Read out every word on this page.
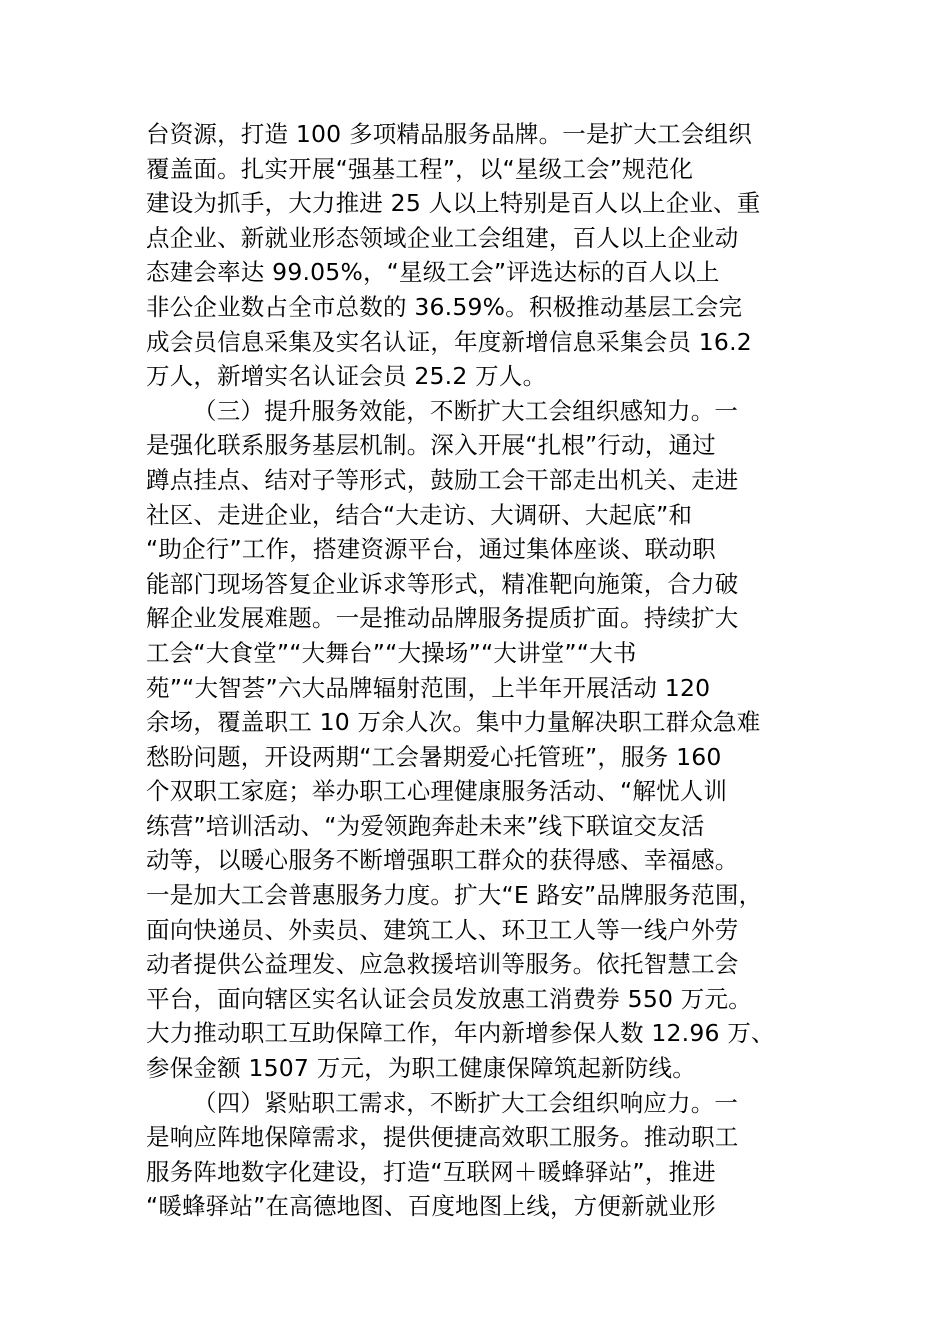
台资源，打造 100 多项精品服务品牌。一是扩大工会组织
覆盖面。扎实开展“强基工程”，以“星级工会”规范化
建设为抓手，大力推进 25 人以上特别是百人以上企业、重
点企业、新就业形态领域企业工会组建，百人以上企业动
态建会率达 99.05%，“星级工会”评选达标的百人以上
非公企业数占全市总数的 36.59%。积极推动基层工会完
成会员信息采集及实名认证，年度新增信息采集会员 16.2
万人，新增实名认证会员 25.2 万人。
（三）提升服务效能，不断扩大工会组织感知力。一
是强化联系服务基层机制。深入开展“扎根”行动，通过
蹲点挂点、结对子等形式，鼓励工会干部走出机关、走进
社区、走进企业，结合“大走访、大调研、大起底”和
“助企行”工作，搭建资源平台，通过集体座谈、联动职
能部门现场答复企业诉求等形式，精准靶向施策，合力破
解企业发展难题。一是推动品牌服务提质扩面。持续扩大
工会“大食堂”“大舞台”“大操场”“大讲堂”“大书
苑”“大智荟”六大品牌辐射范围，上半年开展活动 120
余场，覆盖职工 10 万余人次。集中力量解决职工群众急难
愁盼问题，开设两期“工会暑期爱心托管班”，服务 160
个双职工家庭；举办职工心理健康服务活动、“解忧人训
练营”培训活动、“为爱领跑奔赴未来”线下联谊交友活
动等，以暖心服务不断增强职工群众的获得感、幸福感。
一是加大工会普惠服务力度。扩大“E 路安”品牌服务范围，
面向快递员、外卖员、建筑工人、环卫工人等一线户外劳
动者提供公益理发、应急救援培训等服务。依托智慧工会
平台，面向辖区实名认证会员发放惠工消费券 550 万元。
大力推动职工互助保障工作，年内新增参保人数 12.96 万、
参保金额 1507 万元，为职工健康保障筑起新防线。
（四）紧贴职工需求，不断扩大工会组织响应力。一
是响应阵地保障需求，提供便捷高效职工服务。推动职工
服务阵地数字化建设，打造“互联网＋暖蜂驿站”，推进
“暖蜂驿站”在高德地图、百度地图上线，方便新就业形
